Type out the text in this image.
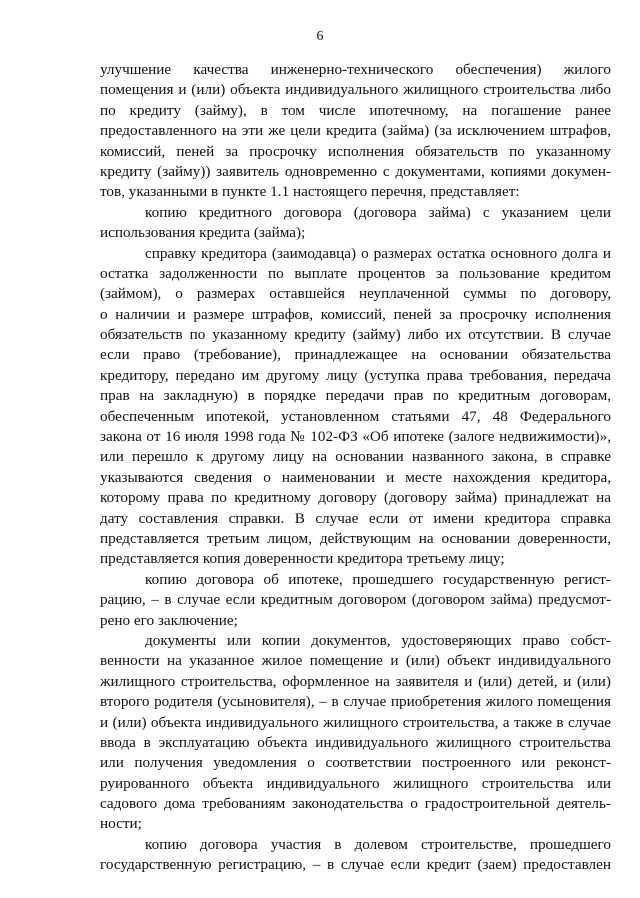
6
улучшение качества инженерно-технического обеспечения) жилого
помещения и (или) объекта индивидуального жилищного строительства либо
по кредиту (займу), в том числе ипотечному, на погашение ранее
предоставленного на эти же цели кредита (займа) (за исключением штрафов,
комиссий, пеней за просрочку исполнения обязательств по указанному
кредиту (займу)) заявитель одновременно с документами, копиями докумен-
тов, указанными в пункте 1.1 настоящего перечня, представляет:
копию кредитного договора (договора займа) с указанием цели
использования кредита (займа);
справку кредитора (заимодавца) о размерах остатка основного долга и
остатка задолженности по выплате процентов за пользование кредитом
(займом), о размерах оставшейся неуплаченной суммы по договору,
о наличии и размере штрафов, комиссий, пеней за просрочку исполнения
обязательств по указанному кредиту (займу) либо их отсутствии. В случае
если право (требование), принадлежащее на основании обязательства
кредитору, передано им другому лицу (уступка права требования, передача
прав на закладную) в порядке передачи прав по кредитным договорам,
обеспеченным ипотекой, установленном статьями 47, 48 Федерального
закона от 16 июля 1998 года № 102-ФЗ «Об ипотеке (залоге недвижимости)»,
или перешло к другому лицу на основании названного закона, в справке
указываются сведения о наименовании и месте нахождения кредитора,
которому права по кредитному договору (договору займа) принадлежат на
дату составления справки. В случае если от имени кредитора справка
представляется третьим лицом, действующим на основании доверенности,
представляется копия доверенности кредитора третьему лицу;
копию договора об ипотеке, прошедшего государственную регист-
рацию, – в случае если кредитным договором (договором займа) предусмот-
рено его заключение;
документы или копии документов, удостоверяющих право собст-
венности на указанное жилое помещение и (или) объект индивидуального
жилищного строительства, оформленное на заявителя и (или) детей, и (или)
второго родителя (усыновителя), – в случае приобретения жилого помещения
и (или) объекта индивидуального жилищного строительства, а также в случае
ввода в эксплуатацию объекта индивидуального жилищного строительства
или получения уведомления о соответствии построенного или реконст-
руированного объекта индивидуального жилищного строительства или
садового дома требованиям законодательства о градостроительной деятель-
ности;
копию договора участия в долевом строительстве, прошедшего
государственную регистрацию, – в случае если кредит (заем) предоставлен
